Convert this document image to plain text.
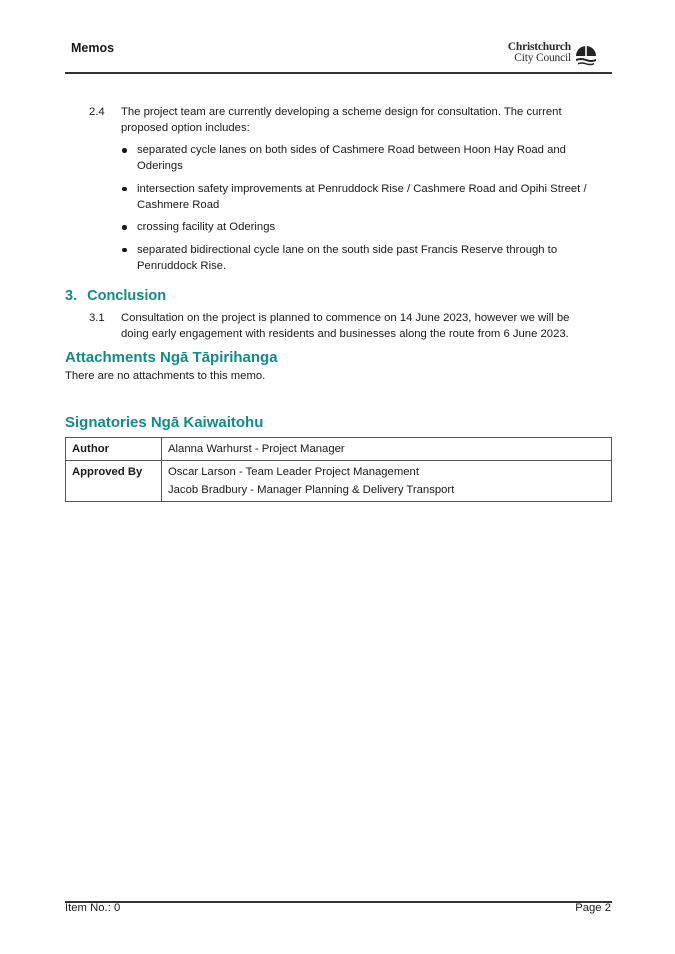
Memos	Christchurch
City Council
2.4 The project team are currently developing a scheme design for consultation. The current proposed option includes:
separated cycle lanes on both sides of Cashmere Road between Hoon Hay Road and Oderings
intersection safety improvements at Penruddock Rise / Cashmere Road and Opihi Street / Cashmere Road
crossing facility at Oderings
separated bidirectional cycle lane on the south side past Francis Reserve through to Penruddock Rise.
3. Conclusion
3.1 Consultation on the project is planned to commence on 14 June 2023, however we will be doing early engagement with residents and businesses along the route from 6 June 2023.
Attachments Ngā Tāpirihanga
There are no attachments to this memo.
Signatories Ngā Kaiwaitohu
Author	Alanna Warhurst - Project Manager

Approved By	Oscar Larson - Team Leader Project Management
Jacob Bradbury - Manager Planning & Delivery Transport
Item No.: 0	Page 2
